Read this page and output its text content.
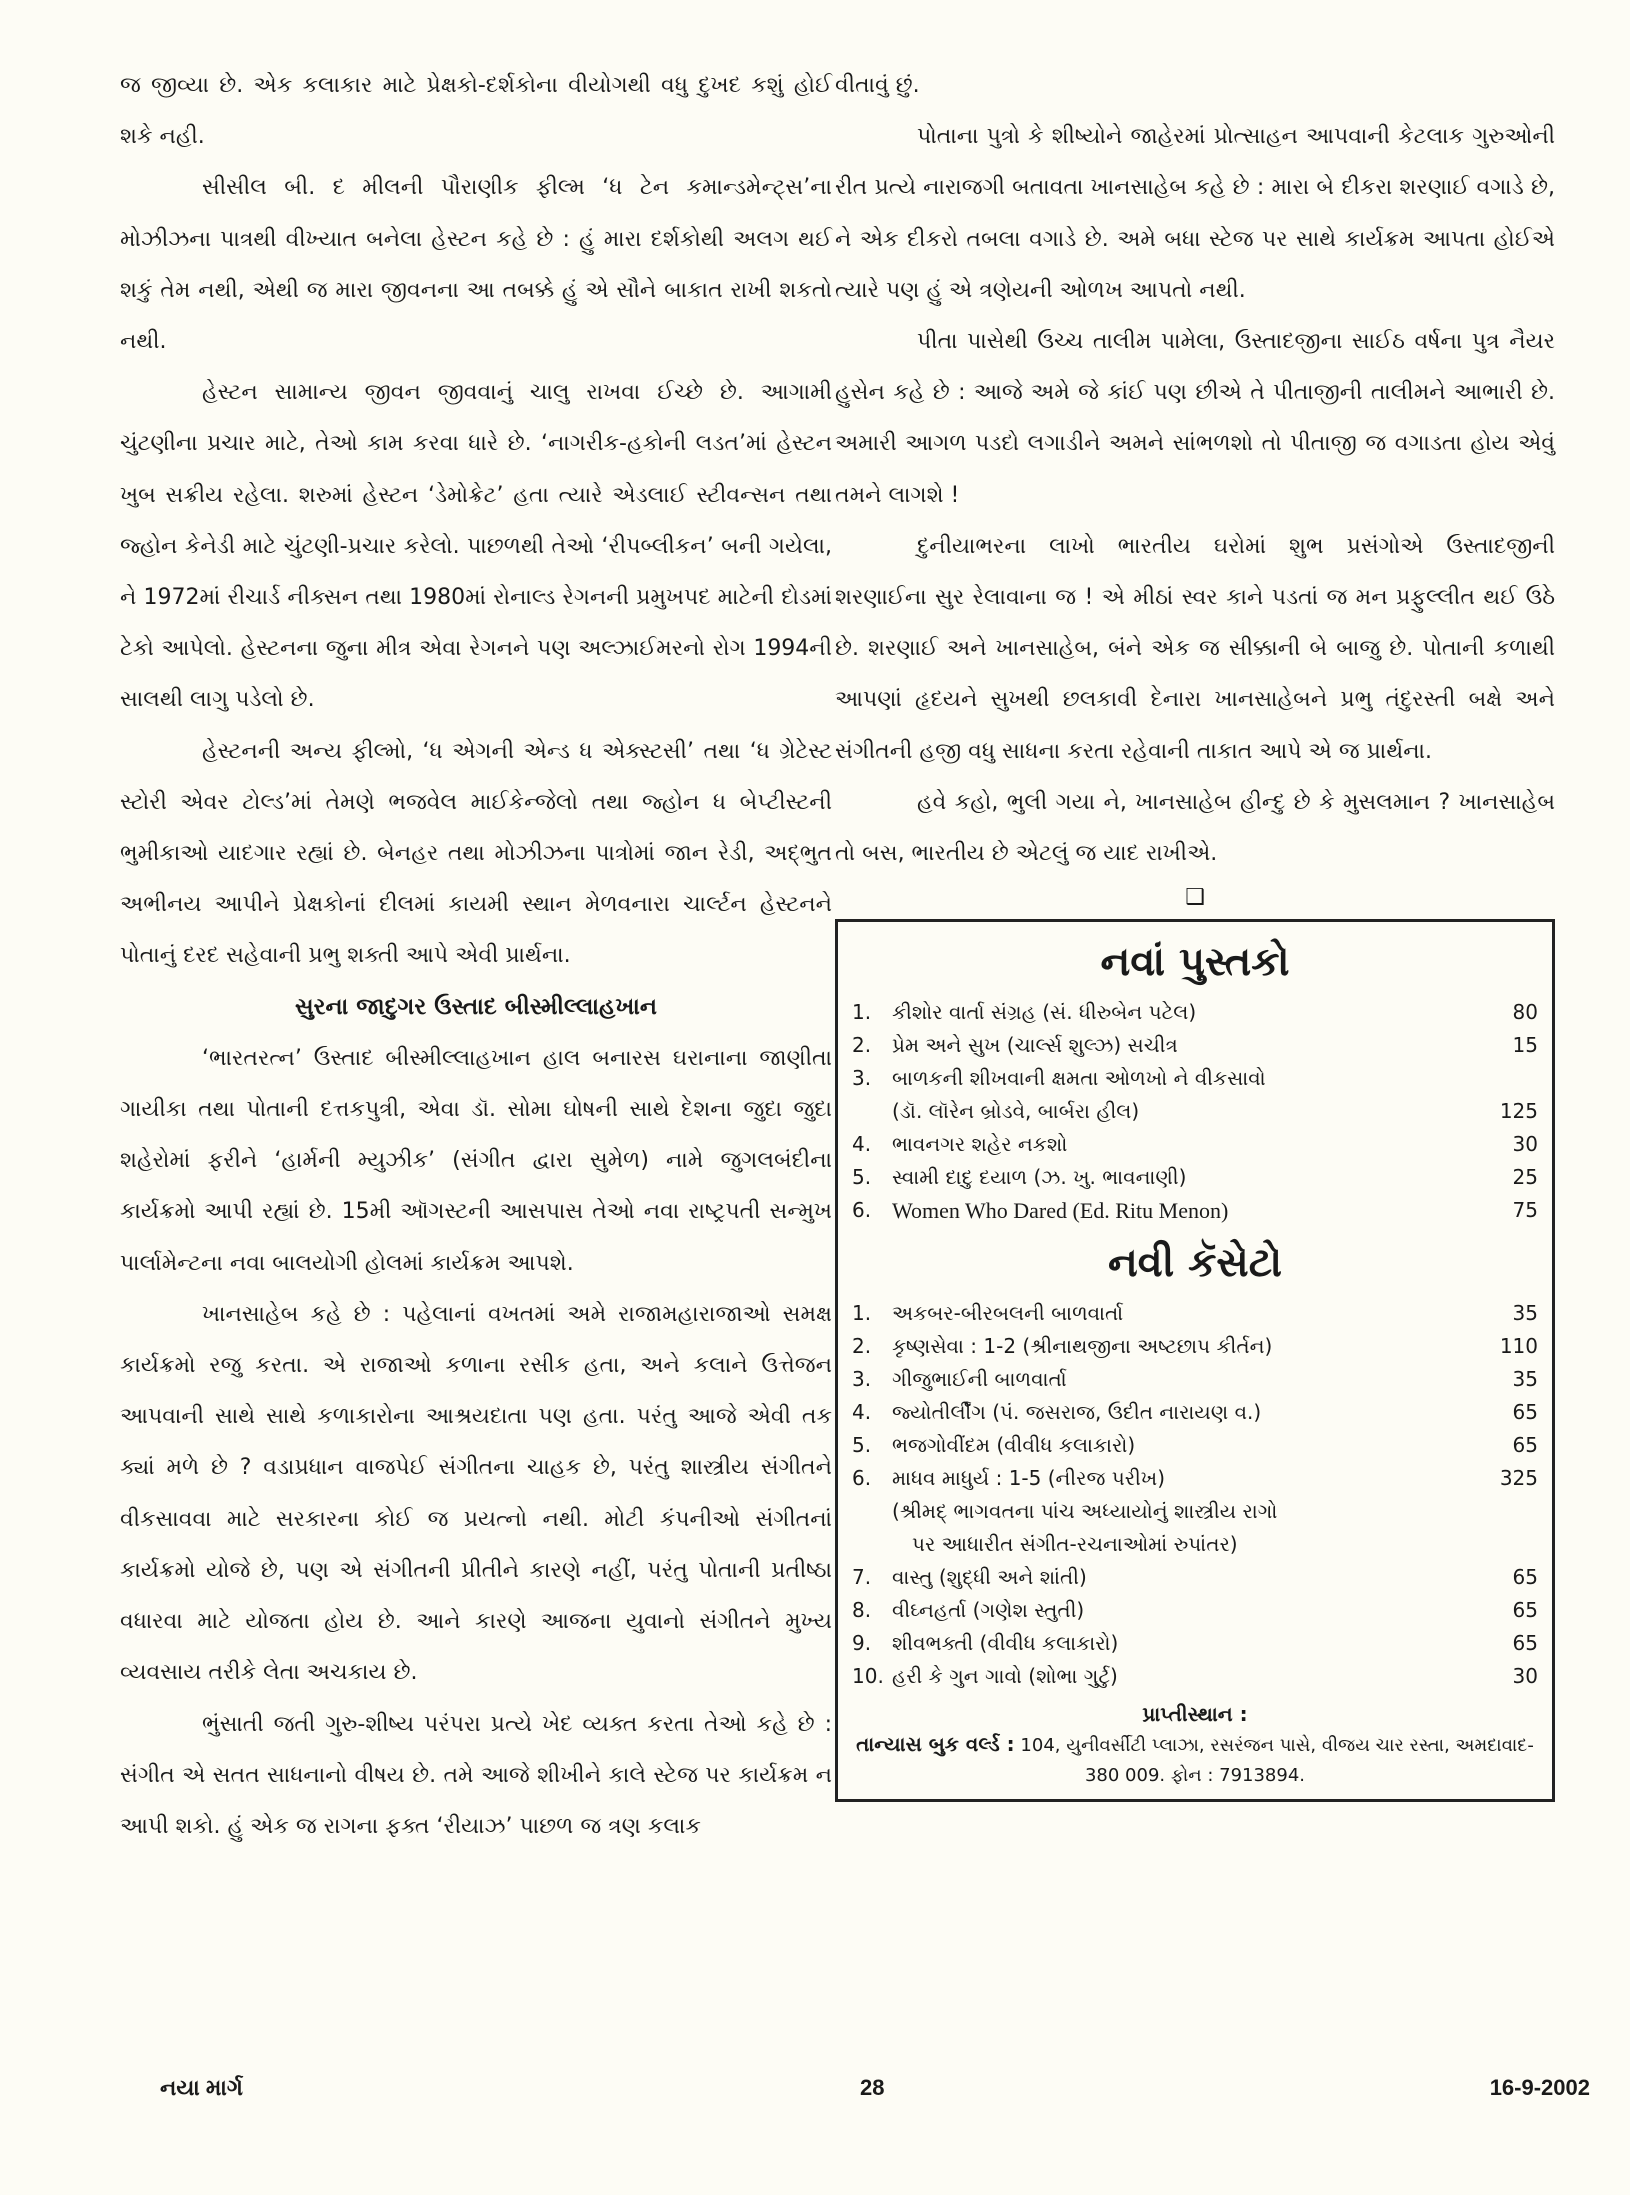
જ જીવ્યા છે. એક કલાકાર માટે પ્રેક્ષકો-દર્શકોના વીયોગથી વધુ દુખદ કશું હોઈ શકે નહી.

સીસીલ બી. દ મીલની પૌરાણીક ફીલ્મ ‘ધ ટેન કમાન્ડમેન્ટ્સ’ના મોઝીઝના પાત્રથી વીખ્યાત બનેલા હેસ્ટન કહે છે : હું મારા દર્શકોથી અલગ થઈ શકું તેમ નથી, એથી જ મારા જીવનના આ તબક્કે હું એ સૌને બાકાત રાખી શકતો નથી.

હેસ્ટન સામાન્ય જીવન જીવવાનું ચાલુ રાખવા ઈચ્છે છે. આગામી ચુંટણીના પ્રચાર માટે, તેઓ કામ કરવા ધારે છે. ‘નાગરીક-હકોની લડત’માં હેસ્ટન ખુબ સક્રીય રહેલા. શરુમાં હેસ્ટન ‘ડેમોક્રેટ’ હતા ત્યારે એડલાઈ સ્ટીવન્સન તથા જ્હોન કેનેડી માટે ચુંટણી-પ્રચાર કરેલો. પાછળથી તેઓ ‘રીપબ્લીકન’ બની ગયેલા, ને 1972માં રીચાર્ડ નીક્સન તથા 1980માં રોનાલ્ડ રેગનની પ્રમુખપદ માટેની દોડમાં ટેકો આપેલો. હેસ્ટનના જુના મીત્ર એવા રેગનને પણ અલ્ઝાઈમરનો રોગ 1994ની સાલથી લાગુ પડેલો છે.

હેસ્ટનની અન્ય ફીલ્મો, ‘ધ એગની એન્ડ ધ એક્સ્ટસી’ તથા ‘ધ ગ્રેટેસ્ટ સ્ટોરી એવર ટોલ્ડ’માં તેમણે ભજવેલ માઈકેન્જેલો તથા જ્હોન ધ બેપ્ટીસ્ટની ભુમીકાઓ યાદગાર રહ્યાં છે. બેનહર તથા મોઝીઝના પાત્રોમાં જાન રેડી, અદ્ભુત અભીનય આપીને પ્રેક્ષકોનાં દીલમાં કાયમી સ્થાન મેળવનારા ચાર્લ્ટન હેસ્ટનને પોતાનું દરદ સહેવાની પ્રભુ શક્તી આપે એવી પ્રાર્થના.

સુરના જાદુગર ઉસ્તાદ બીસ્મીલ્લાહખાન

‘ભારતરત્ન’ ઉસ્તાદ બીસ્મીલ્લાહખાન હાલ બનારસ ઘરાનાના જાણીતા ગાયીકા તથા પોતાની દત્તકપુત્રી, એવા ડૉ. સોમા ઘોષની સાથે દેશના જુદા જુદા શહેરોમાં ફરીને ‘હાર્મની મ્યુઝીક’ (સંગીત દ્વારા સુમેળ) નામે જુગલબંદીના કાર્યક્રમો આપી રહ્યાં છે. 15મી ઑગસ્ટની આસપાસ તેઓ નવા રાષ્ટ્રપતી સન્મુખ પાર્લામેન્ટના નવા બાલયોગી હોલમાં કાર્યક્રમ આપશે.

ખાનસાહેબ કહે છે : પહેલાનાં વખતમાં અમે રાજામહારાજાઓ સમક્ષ કાર્યક્રમો રજુ કરતા. એ રાજાઓ કળાના રસીક હતા, અને કલાને ઉત્તેજન આપવાની સાથે સાથે કળાકારોના આશ્રયદાતા પણ હતા. પરંતુ આજે એવી તક ક્યાં મળે છે ? વડાપ્રધાન વાજપેઈ સંગીતના ચાહક છે, પરંતુ શાસ્ત્રીય સંગીતને વીકસાવવા માટે સરકારના કોઈ જ પ્રયત્નો નથી. મોટી કંપનીઓ સંગીતનાં કાર્યક્રમો યોજે છે, પણ એ સંગીતની પ્રીતીને કારણે નહીં, પરંતુ પોતાની પ્રતીષ્ઠા વધારવા માટે યોજતા હોય છે. આને કારણે આજના યુવાનો સંગીતને મુખ્ય વ્યવસાય તરીકે લેતા અચકાય છે.

ભુંસાતી જતી ગુરુ-શીષ્ય પરંપરા પ્રત્યે ખેદ વ્યક્ત કરતા તેઓ કહે છે : સંગીત એ સતત સાધનાનો વીષય છે. તમે આજે શીખીને કાલે સ્ટેજ પર કાર્યક્રમ ન આપી શકો. હું એક જ રાગના ફક્ત ‘રીયાઝ’ પાછળ જ ત્રણ કલાક

વીતાવું છું.

પોતાના પુત્રો કે શીષ્યોને જાહેરમાં પ્રોત્સાહન આપવાની કેટલાક ગુરુઓની રીત પ્રત્યે નારાજગી બતાવતા ખાનસાહેબ કહે છે : મારા બે દીકરા શરણાઈ વગાડે છે, ને એક દીકરો તબલા વગાડે છે. અમે બધા સ્ટેજ પર સાથે કાર્યક્રમ આપતા હોઈએ ત્યારે પણ હું એ ત્રણેયની ઓળખ આપતો નથી.

પીતા પાસેથી ઉચ્ચ તાલીમ પામેલા, ઉસ્તાદજીના સાઈઠ વર્ષના પુત્ર નૈયર હુસેન કહે છે : આજે અમે જે કાંઈ પણ છીએ તે પીતાજીની તાલીમને આભારી છે. અમારી આગળ પડદો લગાડીને અમને સાંભળશો તો પીતાજી જ વગાડતા હોય એવું તમને લાગશે !

દુનીયાભરના લાખો ભારતીય ઘરોમાં શુભ પ્રસંગોએ ઉસ્તાદજીની શરણાઈના સુર રેલાવાના જ ! એ મીઠાં સ્વર કાને પડતાં જ મન પ્રફુલ્લીત થઈ ઉઠે છે. શરણાઈ અને ખાનસાહેબ, બંને એક જ સીક્કાની બે બાજુ છે. પોતાની કળાથી આપણાં હૃદયને સુખથી છલકાવી દેનારા ખાનસાહેબને પ્રભુ તંદુરસ્તી બક્ષે અને સંગીતની હજી વધુ સાધના કરતા રહેવાની તાકાત આપે એ જ પ્રાર્થના.

હવે કહો, ભુલી ગયા ને, ખાનસાહેબ હીન્દુ છે કે મુસલમાન ? ખાનસાહેબ તો બસ, ભારતીય છે એટલું જ યાદ રાખીએ.

❑
નવાં પુસ્તકો
1.	કીશોર વાર્તા સંગ્રહ (સં. ધીરુબેન પટેલ)	80
2.	પ્રેમ અને સુખ (ચાર્લ્સ શુલ્ઝ) સચીત્ર	15
3.	બાળકની શીખવાની ક્ષમતા ઓળખો ને વીકસાવો
(ડૉ. લૉરેન બ્રોડવે, બાર્બરા હીલ)	125
4.	ભાવનગર શહેર નકશો	30
5.	સ્વામી દાદુ દયાળ (ઝ. ખુ. ભાવનાણી)	25
6. Women Who Dared (Ed. Ritu Menon)	75
નવી કૅસેટો
1.	અકબર-બીરબલની બાળવાર્તા	35
2.	કૃષ્ણસેવા : 1-2 (શ્રીનાથજીના અષ્ટછાપ કીર્તન)	110
3.	ગીજુભાઈની બાળવાર્તા	35
4.	જ્યોતીર્લીંગ (પં. જસરાજ, ઉદીત નારાયણ વ.)	65
5.	ભજગોવીંદમ (વીવીધ કલાકારો)	65
6.	માધવ માધુર્ય : 1-5 (નીરજ પરીખ)	325
(શ્રીમદ્ ભાગવતના પાંચ અધ્યાયોનું શાસ્ત્રીય રાગો
પર આધારીત સંગીત-રચનાઓમાં રુપાંતર)
7.	વાસ્તુ (શુદ્ધી અને શાંતી)	65
8.	વીઘ્નહર્તા (ગણેશ સ્તુતી)	65
9.	શીવભક્તી (વીવીધ કલાકારો)	65
10. હરી કે ગુન ગાવો (શોભા ગુર્ટુ)	30
પ્રાપ્તીસ્થાન :
તાન્યાસ બુક વર્લ્ડ : 104, યુનીવર્સીટી પ્લાઝા, રસરંજન પાસે, વીજય ચાર રસ્તા, અમદાવાદ- 380 009. ફોન : 7913894.
નયા માર્ગ	28	16-9-2002
